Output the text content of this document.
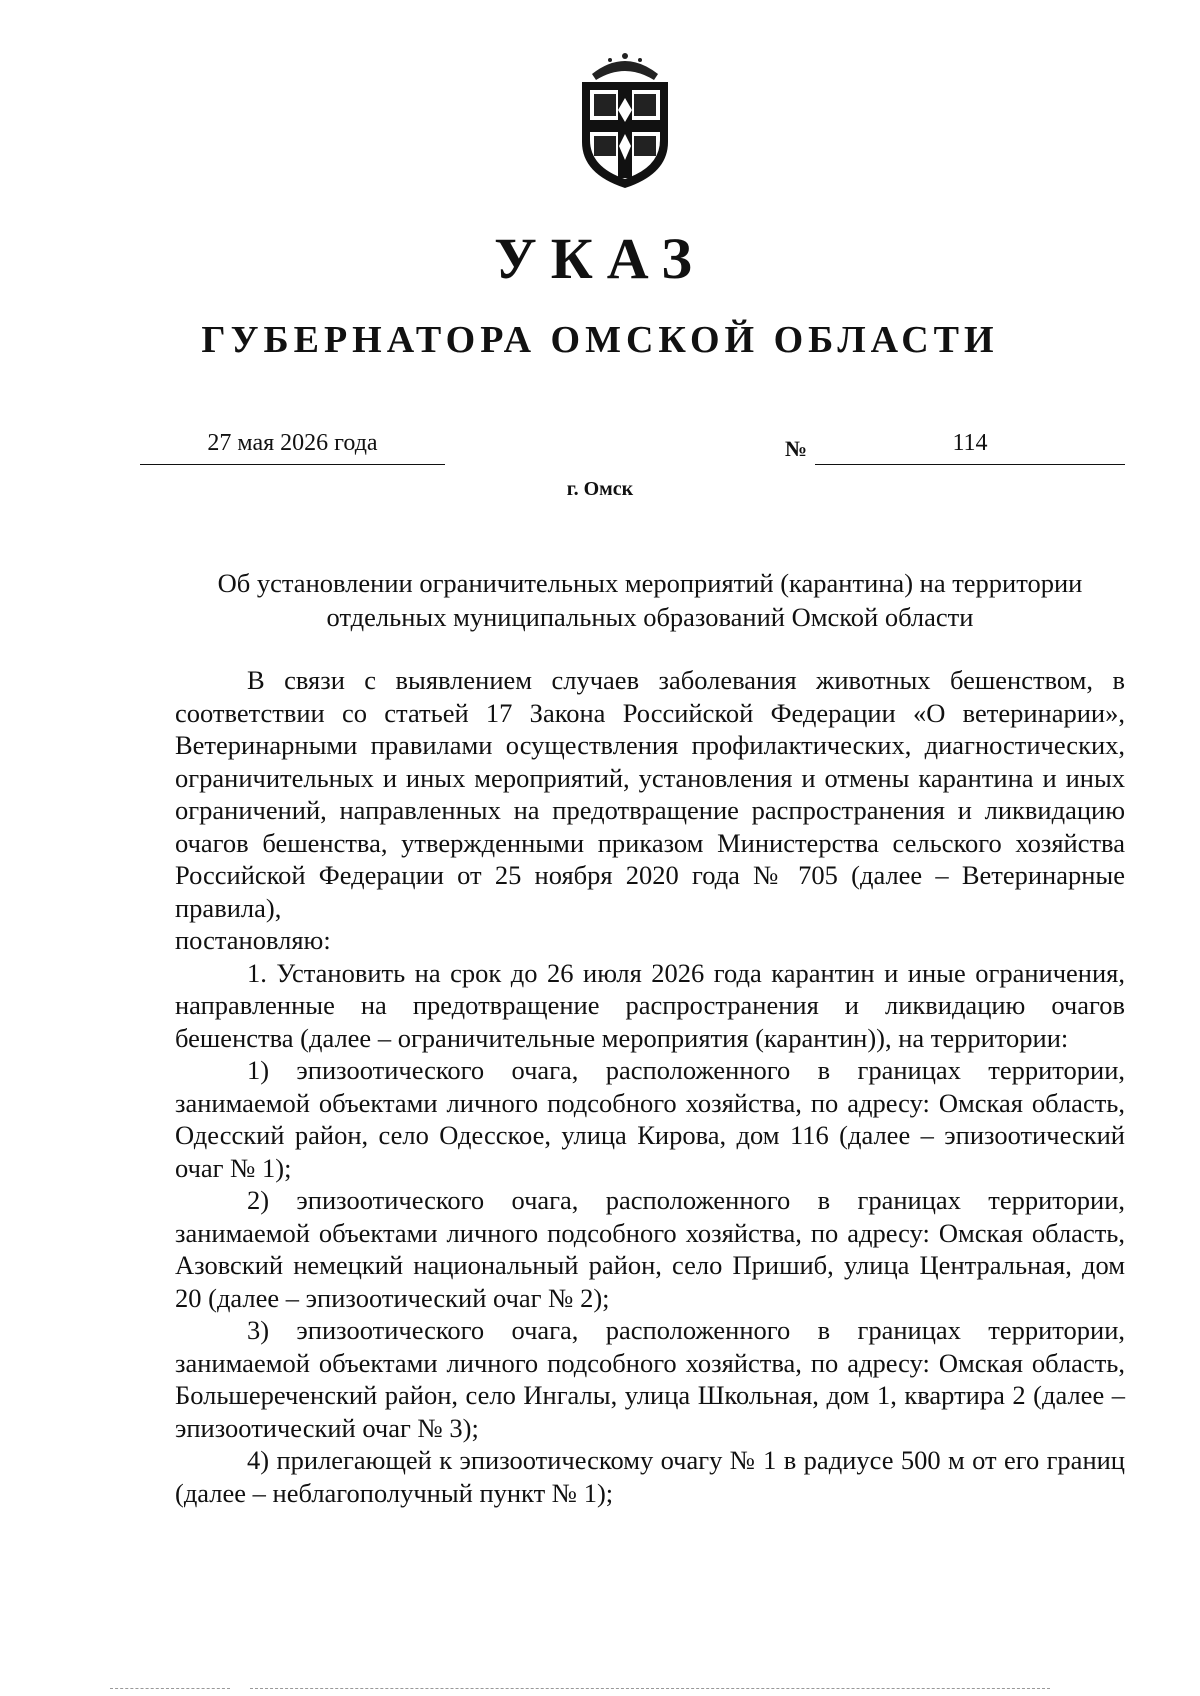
УКАЗ
ГУБЕРНАТОРА ОМСКОЙ ОБЛАСТИ
27 мая 2026 года	№	114
г. Омск
Об установлении ограничительных мероприятий (карантина) на территории
отдельных муниципальных образований Омской области

В связи с выявлением случаев заболевания животных бешенством, в соответствии со статьей 17 Закона Российской Федерации «О ветеринарии», Ветеринарными правилами осуществления профилактических, диагностических, ограничительных и иных мероприятий, установления и отмены карантина и иных ограничений, направленных на предотвращение распространения и ликвидацию очагов бешенства, утвержденными приказом Министерства сельского хозяйства Российской Федерации от 25 ноября 2020 года № 705 (далее – Ветеринарные правила),

постановляю:

1. Установить на срок до 26 июля 2026 года карантин и иные ограничения, направленные на предотвращение распространения и ликвидацию очагов бешенства (далее – ограничительные мероприятия (карантин)), на территории:

1) эпизоотического очага, расположенного в границах территории, занимаемой объектами личного подсобного хозяйства, по адресу: Омская область, Одесский район, село Одесское, улица Кирова, дом 116 (далее – эпизоотический очаг № 1);

2) эпизоотического очага, расположенного в границах территории, занимаемой объектами личного подсобного хозяйства, по адресу: Омская область, Азовский немецкий национальный район, село Пришиб, улица Центральная, дом 20 (далее – эпизоотический очаг № 2);

3) эпизоотического очага, расположенного в границах территории, занимаемой объектами личного подсобного хозяйства, по адресу: Омская область, Большереченский район, село Ингалы, улица Школьная, дом 1, квартира 2 (далее – эпизоотический очаг № 3);

4) прилегающей к эпизоотическому очагу № 1 в радиусе 500 м от его границ (далее – неблагополучный пункт № 1);
